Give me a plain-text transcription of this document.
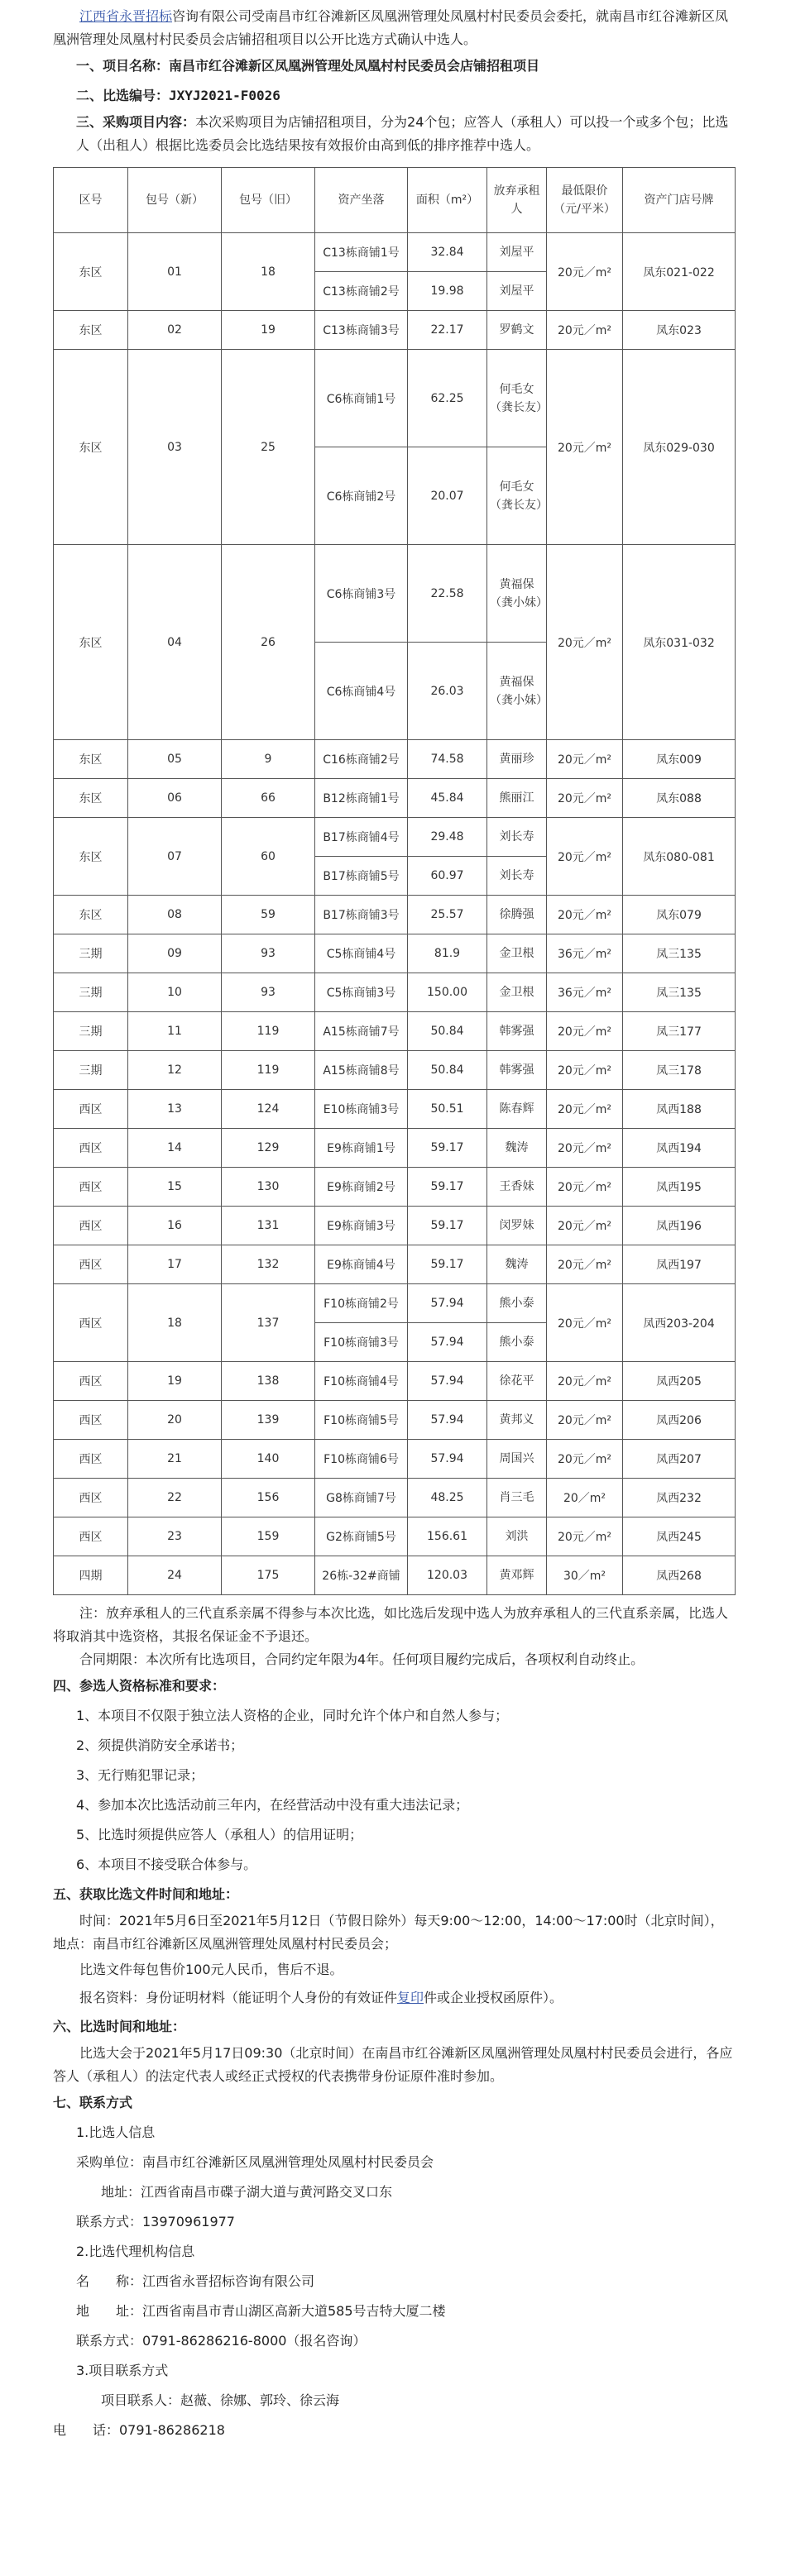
江西省永晋招标咨询有限公司受南昌市红谷滩新区凤凰洲管理处凤凰村村民委员会委托，就南昌市红谷滩新区凤凰洲管理处凤凰村村民委员会店铺招租项目以公开比选方式确认中选人。

一、项目名称：南昌市红谷滩新区凤凰洲管理处凤凰村村民委员会店铺招租项目

二、比选编号：JXYJ2021-F0026

三、采购项目内容：本次采购项目为店铺招租项目，分为24个包；应答人（承租人）可以投一个或多个包；比选人（出租人）根据比选委员会比选结果按有效报价由高到低的排序推荐中选人。

区号	包号（新）	包号（旧）	资产坐落	面积（m²）	放弃承租人	最低限价（元/平米）	资产门店号牌
东区	01	18	C13栋商铺1号	32.84	刘屋平	20元／m²	凤东021-022
			C13栋商铺2号	19.98	刘屋平		
东区	02	19	C13栋商铺3号	22.17	罗鹤文	20元／m²	凤东023
东区	03	25	C6栋商铺1号	62.25	何毛女（龚长友）	20元／m²	凤东029-030
			C6栋商铺2号	20.07	何毛女（龚长友）		
东区	04	26	C6栋商铺3号	22.58	黄福保（龚小妹）	20元／m²	凤东031-032
			C6栋商铺4号	26.03	黄福保（龚小妹）		
东区	05	9	C16栋商铺2号	74.58	黄丽珍	20元／m²	凤东009
东区	06	66	B12栋商铺1号	45.84	熊丽江	20元／m²	凤东088
东区	07	60	B17栋商铺4号	29.48	刘长寿	20元／m²	凤东080-081
			B17栋商铺5号	60.97	刘长寿		
东区	08	59	B17栋商铺3号	25.57	徐腾强	20元／m²	凤东079
三期	09	93	C5栋商铺4号	81.9	金卫根	36元／m²	凤三135
三期	10	93	C5栋商铺3号	150.00	金卫根	36元／m²	凤三135
三期	11	119	A15栋商铺7号	50.84	韩雾强	20元／m²	凤三177
三期	12	119	A15栋商铺8号	50.84	韩雾强	20元／m²	凤三178
西区	13	124	E10栋商铺3号	50.51	陈春辉	20元／m²	凤西188
西区	14	129	E9栋商铺1号	59.17	魏涛	20元／m²	凤西194
西区	15	130	E9栋商铺2号	59.17	王香妹	20元／m²	凤西195
西区	16	131	E9栋商铺3号	59.17	闵罗妹	20元／m²	凤西196
西区	17	132	E9栋商铺4号	59.17	魏涛	20元／m²	凤西197
西区	18	137	F10栋商铺2号	57.94	熊小泰	20元／m²	凤西203-204
			F10栋商铺3号	57.94	熊小泰		
西区	19	138	F10栋商铺4号	57.94	徐花平	20元／m²	凤西205
西区	20	139	F10栋商铺5号	57.94	黄邦义	20元／m²	凤西206
西区	21	140	F10栋商铺6号	57.94	周国兴	20元／m²	凤西207
西区	22	156	G8栋商铺7号	48.25	肖三毛	20／m²	凤西232
西区	23	159	G2栋商铺5号	156.61	刘洪	20元／m²	凤西245
四期	24	175	26栋-32#商铺	120.03	黄邓辉	30／m²	凤西268

注：放弃承租人的三代直系亲属不得参与本次比选，如比选后发现中选人为放弃承租人的三代直系亲属，比选人将取消其中选资格，其报名保证金不予退还。

合同期限：本次所有比选项目，合同约定年限为4年。任何项目履约完成后，各项权利自动终止。

四、参选人资格标准和要求：

1、本项目不仅限于独立法人资格的企业，同时允许个体户和自然人参与；

2、须提供消防安全承诺书；

3、无行贿犯罪记录；

4、参加本次比选活动前三年内，在经营活动中没有重大违法记录；

5、比选时须提供应答人（承租人）的信用证明；

6、本项目不接受联合体参与。

五、获取比选文件时间和地址：

时间：2021年5月6日至2021年5月12日（节假日除外）每天9:00～12:00，14:00～17:00时（北京时间），地点：南昌市红谷滩新区凤凰洲管理处凤凰村村民委员会；

比选文件每包售价100元人民币，售后不退。

报名资料：身份证明材料（能证明个人身份的有效证件复印件或企业授权函原件）。

六、比选时间和地址：

比选大会于2021年5月17日09:30（北京时间）在南昌市红谷滩新区凤凰洲管理处凤凰村村民委员会进行，各应答人（承租人）的法定代表人或经正式授权的代表携带身份证原件准时参加。

七、联系方式

1.比选人信息

采购单位：南昌市红谷滩新区凤凰洲管理处凤凰村村民委员会

地址：江西省南昌市碟子湖大道与黄河路交叉口东

联系方式：13970961977

2.比选代理机构信息

名　　称：江西省永晋招标咨询有限公司

地　　址：江西省南昌市青山湖区高新大道585号吉特大厦二楼

联系方式：0791-86286216-8000（报名咨询）

3.项目联系方式

项目联系人：赵薇、徐娜、郭玲、徐云海

电　　话：0791-86286218
